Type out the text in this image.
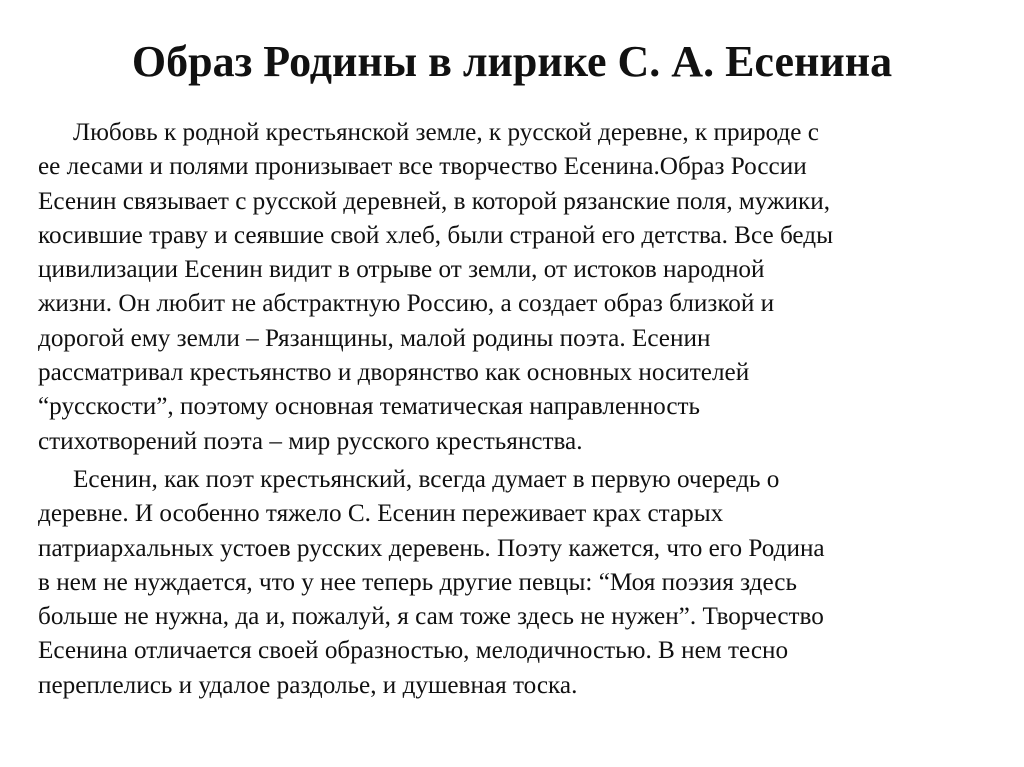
Образ Родины в лирике С. А. Есенина

Любовь к родной крестьянской земле, к русской деревне, к природе с
ее лесами и полями пронизывает все творчество Есенина.Образ России
Есенин связывает с русской деревней, в которой рязанские поля, мужики,
косившие траву и сеявшие свой хлеб, были страной его детства. Все беды
цивилизации Есенин видит в отрыве от земли, от истоков народной
жизни. Он любит не абстрактную Россию, а создает образ близкой и
дорогой ему земли – Рязанщины, малой родины поэта. Есенин
рассматривал крестьянство и дворянство как основных носителей
“русскости”, поэтому основная тематическая направленность
стихотворений поэта – мир русского крестьянства.

Есенин, как поэт крестьянский, всегда думает в первую очередь о
деревне. И особенно тяжело С. Есенин переживает крах старых
патриархальных устоев русских деревень. Поэту кажется, что его Родина
в нем не нуждается, что у нее теперь другие певцы: “Моя поэзия здесь
больше не нужна, да и, пожалуй, я сам тоже здесь не нужен”. Творчество
Есенина отличается своей образностью, мелодичностью. В нем тесно
переплелись и удалое раздолье, и душевная тоска.
